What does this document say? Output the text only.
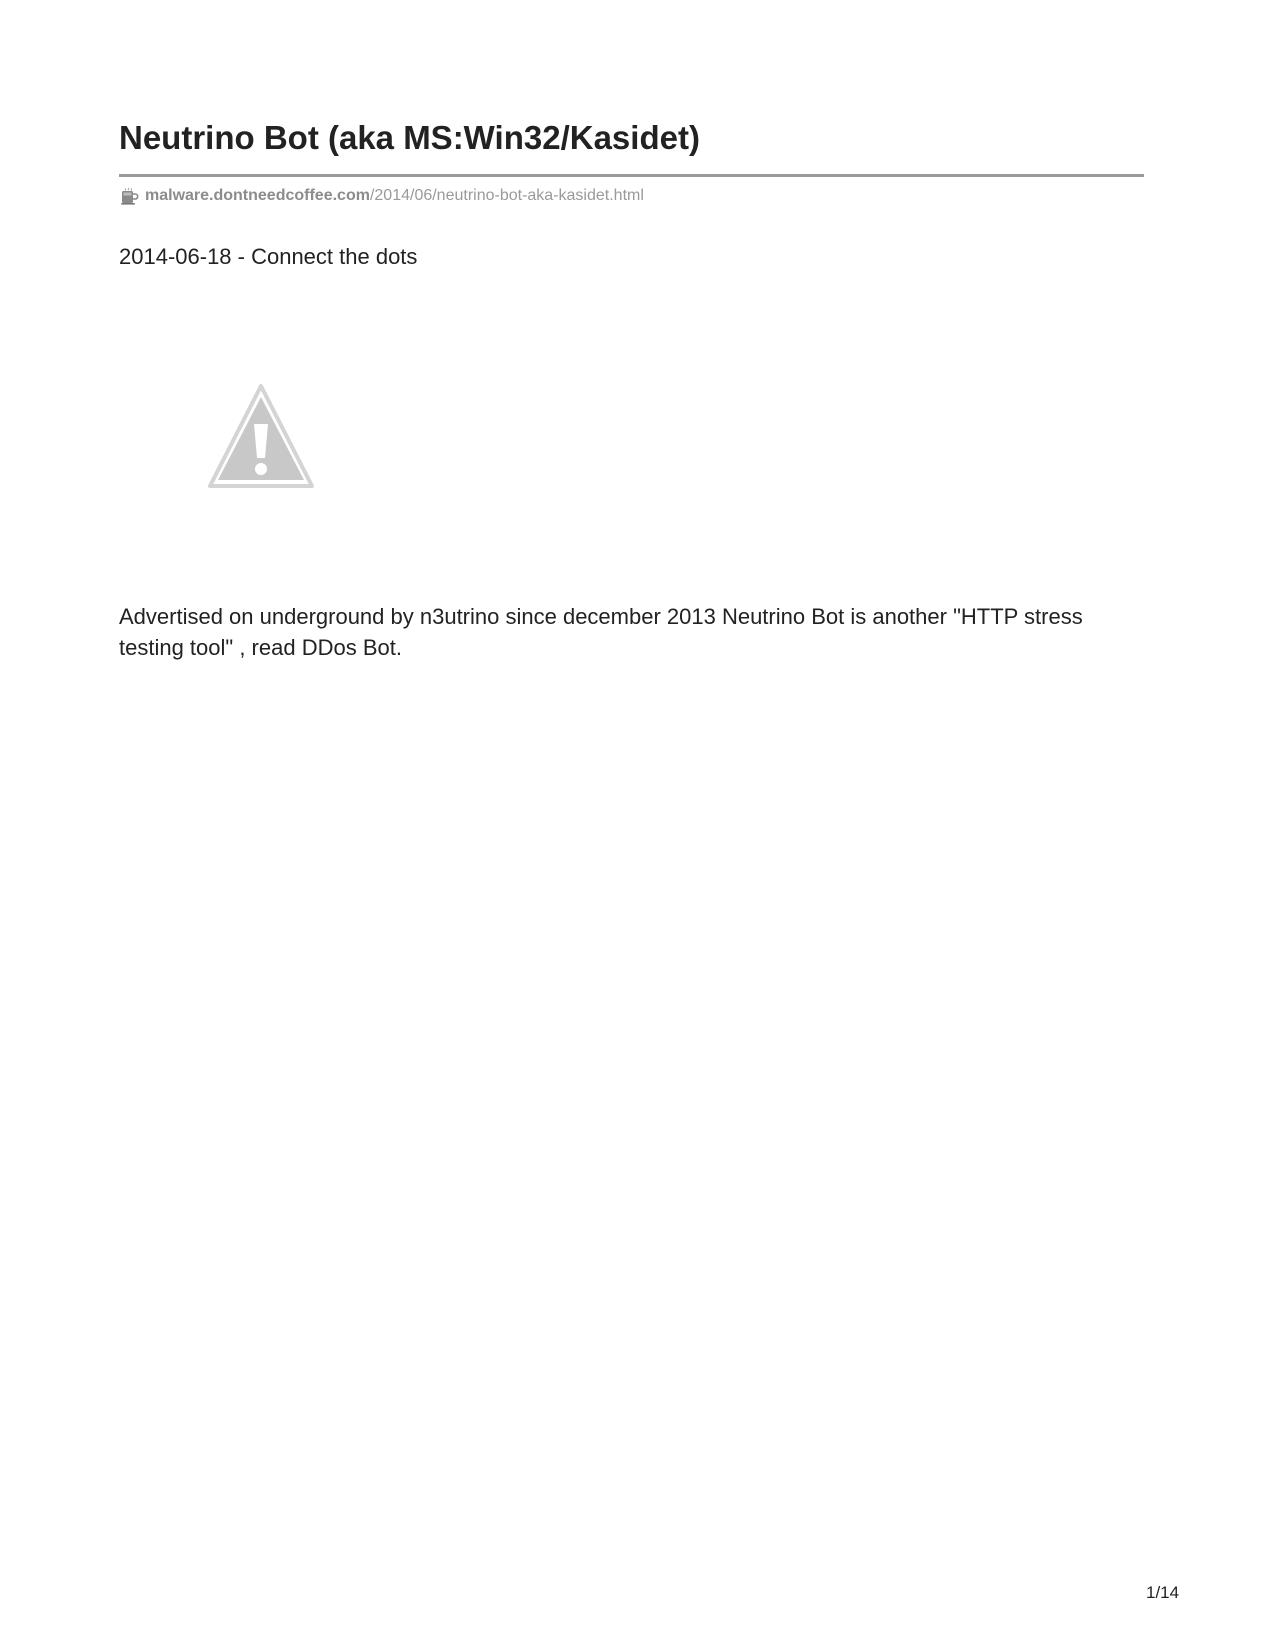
Neutrino Bot (aka MS:Win32/Kasidet)
malware.dontneedcoffee.com /2014/06/neutrino-bot-aka-kasidet.html
2014-06-18 - Connect the dots

Advertised on underground by n3utrino since december 2013 Neutrino Bot is another "HTTP stress testing tool" , read DDos Bot.

1/14
